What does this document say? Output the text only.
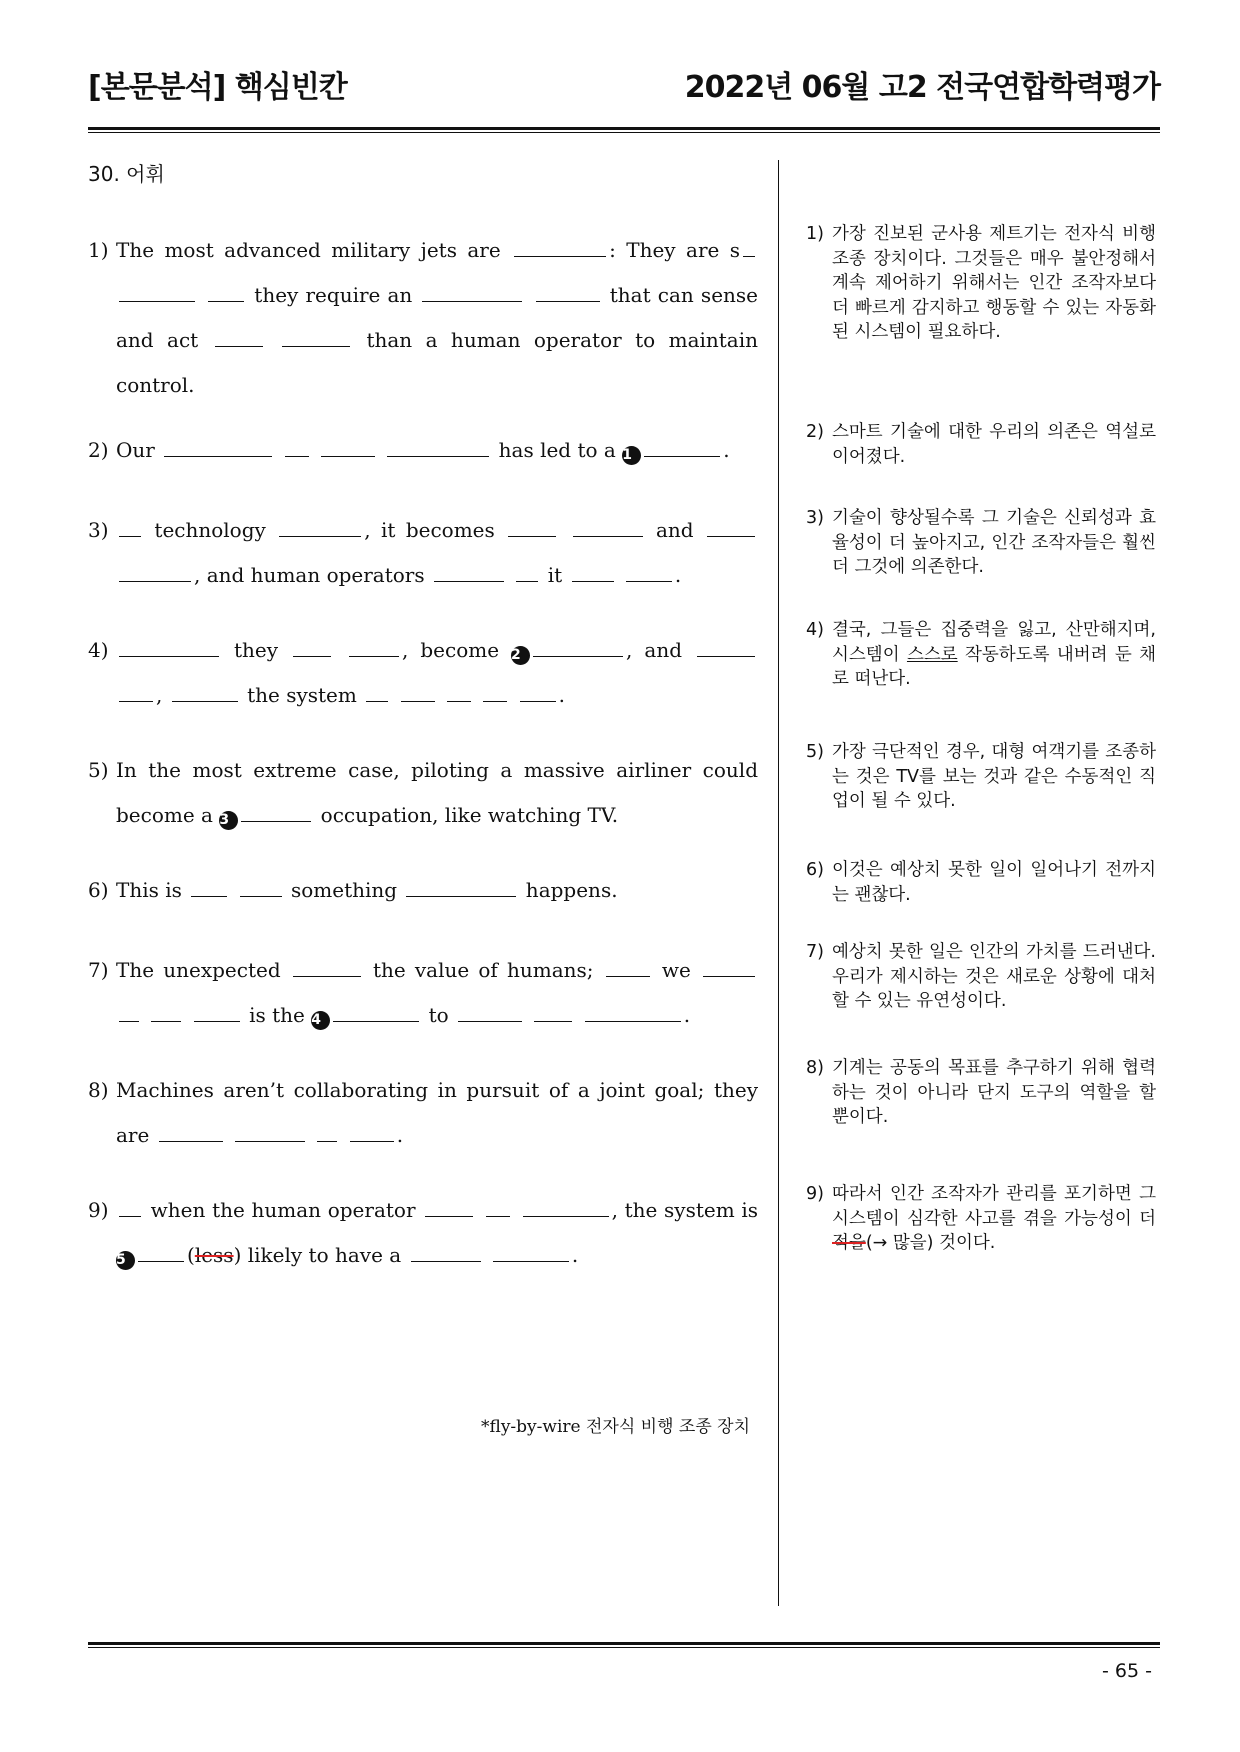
[본문분석] 핵심빈칸	2022년 06월 고2 전국연합학력평가
30. 어휘
1) The most advanced military jets are	: They are s   they require an	that can sense and act	than a human operator to maintain control.
2) Our	has led to a 1	.
3)	technology	, it becomes	and  , and human operators	it	.
4)	they	, become 2	, and  ,	the system	.
5) In the most extreme case, piloting a massive airliner could become a 3	occupation, like watching TV.
6) This is	something	happens.
7) The unexpected	the value of humans;	we     is the 4	to	.
8) Machines aren’t collaborating in pursuit of a joint goal; they are	.
9)	when the human operator	, the system is 5	(less) likely to have a	.
1) 가장 진보된 군사용 제트기는 전자식 비행 조종 장치이다. 그것들은 매우 불안정해서 계속 제어하기 위해서는 인간 조작자보다 더 빠르게 감지하고 행동할 수 있는 자동화된 시스템이 필요하다.
2) 스마트 기술에 대한 우리의 의존은 역설로 이어졌다.
3) 기술이 향상될수록 그 기술은 신뢰성과 효율성이 더 높아지고, 인간 조작자들은 훨씬 더 그것에 의존한다.
4) 결국, 그들은 집중력을 잃고, 산만해지며, 시스템이 스스로 작동하도록 내버려 둔 채로 떠난다.
5) 가장 극단적인 경우, 대형 여객기를 조종하는 것은 TV를 보는 것과 같은 수동적인 직업이 될 수 있다.
6) 이것은 예상치 못한 일이 일어나기 전까지는 괜찮다.
7) 예상치 못한 일은 인간의 가치를 드러낸다. 우리가 제시하는 것은 새로운 상황에 대처할 수 있는 유연성이다.
8) 기계는 공동의 목표를 추구하기 위해 협력하는 것이 아니라 단지 도구의 역할을 할 뿐이다.
9) 따라서 인간 조작자가 관리를 포기하면 그 시스템이 심각한 사고를 겪을 가능성이 더 적을(→ 많을) 것이다.
*fly-by-wire 전자식 비행 조종 장치
- 65 -
